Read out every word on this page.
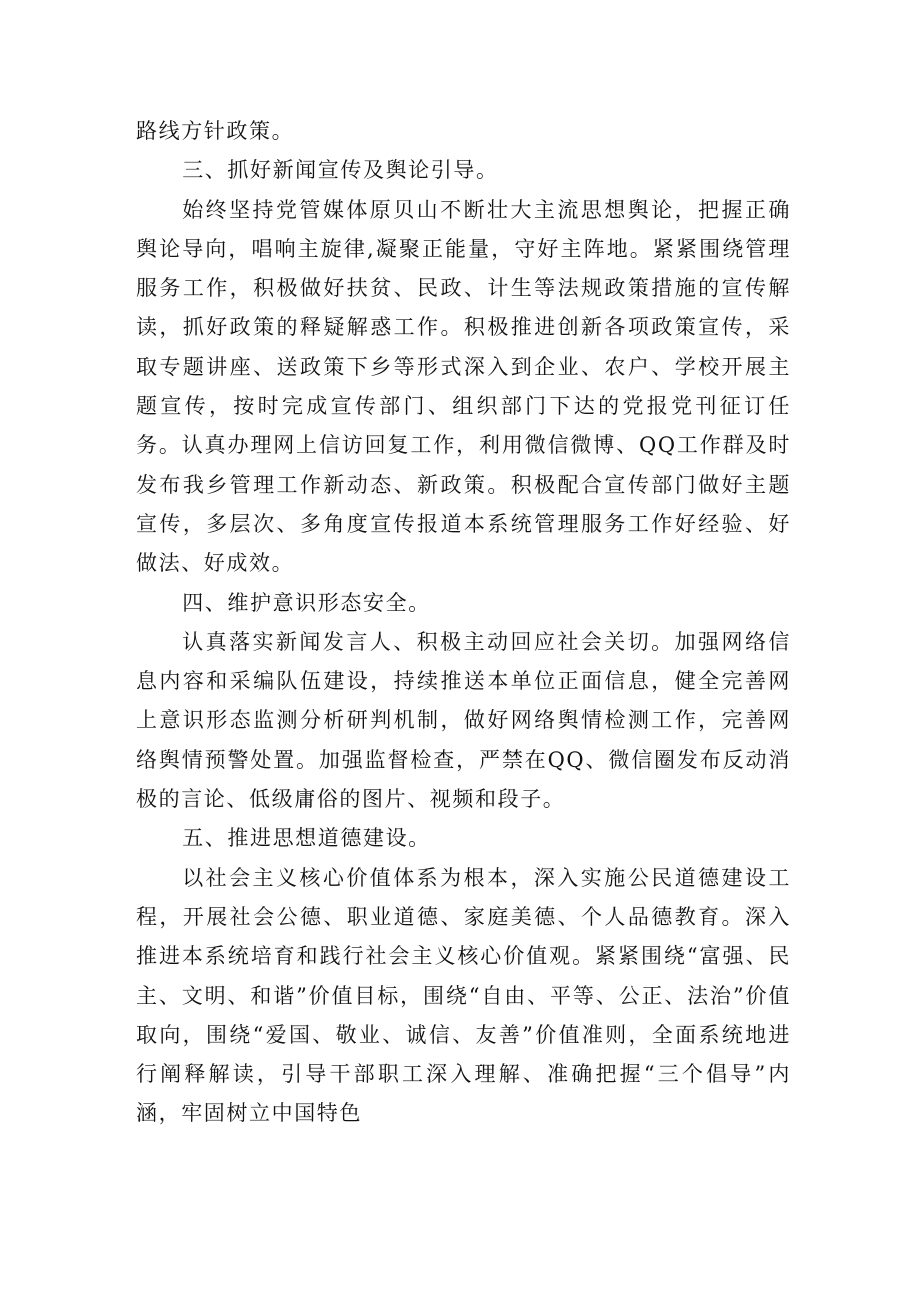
路线方针政策。

三、抓好新闻宣传及舆论引导。

始终坚持党管媒体原贝山不断壮大主流思想舆论，把握正确舆论导向，唱响主旋律,凝聚正能量，守好主阵地。紧紧围绕管理服务工作，积极做好扶贫、民政、计生等法规政策措施的宣传解读，抓好政策的释疑解惑工作。积极推进创新各项政策宣传，采取专题讲座、送政策下乡等形式深入到企业、农户、学校开展主题宣传，按时完成宣传部门、组织部门下达的党报党刊征订任务。认真办理网上信访回复工作，利用微信微博、QQ工作群及时发布我乡管理工作新动态、新政策。积极配合宣传部门做好主题宣传，多层次、多角度宣传报道本系统管理服务工作好经验、好做法、好成效。

四、维护意识形态安全。

认真落实新闻发言人、积极主动回应社会关切。加强网络信息内容和采编队伍建设，持续推送本单位正面信息，健全完善网上意识形态监测分析研判机制，做好网络舆情检测工作，完善网络舆情预警处置。加强监督检查，严禁在QQ、微信圈发布反动消极的言论、低级庸俗的图片、视频和段子。

五、推进思想道德建设。

以社会主义核心价值体系为根本，深入实施公民道德建设工程，开展社会公德、职业道德、家庭美德、个人品德教育。深入推进本系统培育和践行社会主义核心价值观。紧紧围绕“富强、民主、文明、和谐”价值目标，围绕“自由、平等、公正、法治”价值取向，围绕“爱国、敬业、诚信、友善”价值准则，全面系统地进行阐释解读，引导干部职工深入理解、准确把握“三个倡导”内涵，牢固树立中国特色
